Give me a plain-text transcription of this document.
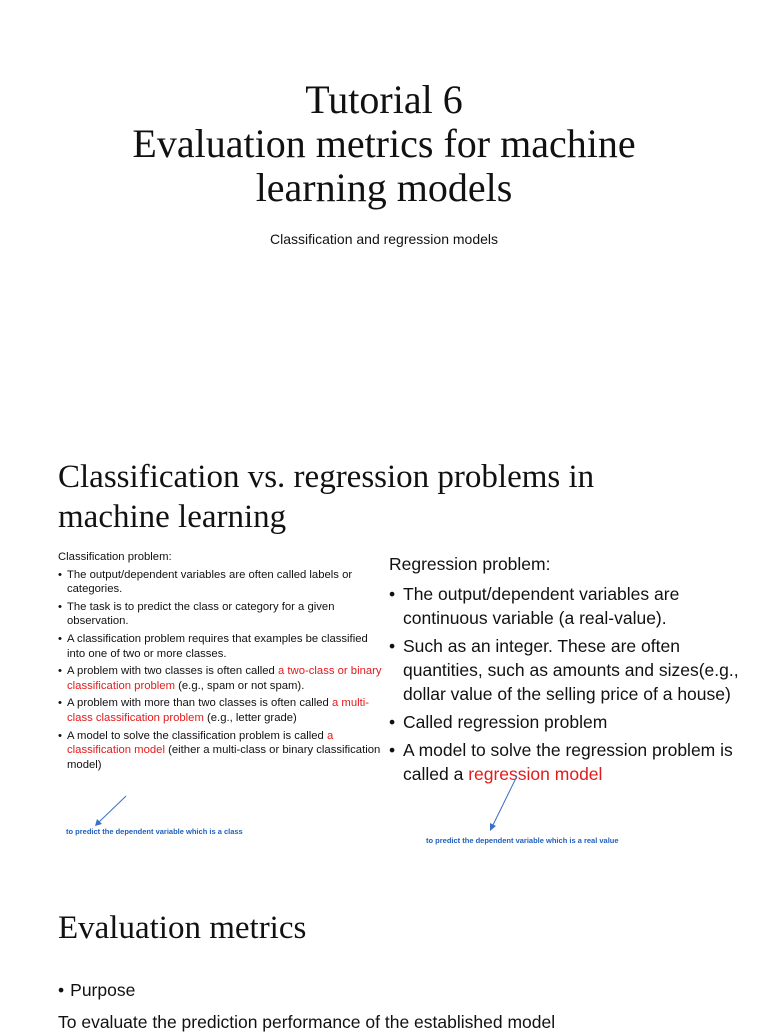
Tutorial 6
Evaluation metrics for machine
learning models
Classification and regression models
Classification vs. regression problems in
machine learning
Classification problem:
• The output/dependent variables are often called labels or categories.
• The task is to predict the class or category for a given observation.
• A classification problem requires that examples be classified into one of two or more classes.
• A problem with two classes is often called a two-class or binary classification problem (e.g., spam or not spam).
• A problem with more than two classes is often called a multi-class classification problem (e.g., letter grade)
• A model to solve the classification problem is called a classification model (either a multi-class or binary classification model)
to predict the dependent variable which is a class
Regression problem:
• The output/dependent variables are continuous variable (a real-value).
• Such as an integer. These are often quantities, such as amounts and sizes(e.g., dollar value of the selling price of a house)
• Called regression problem
• A model to solve the regression problem is called a regression model
to predict the dependent variable which is a real value
Evaluation metrics
• Purpose
To evaluate the prediction performance of the established model
